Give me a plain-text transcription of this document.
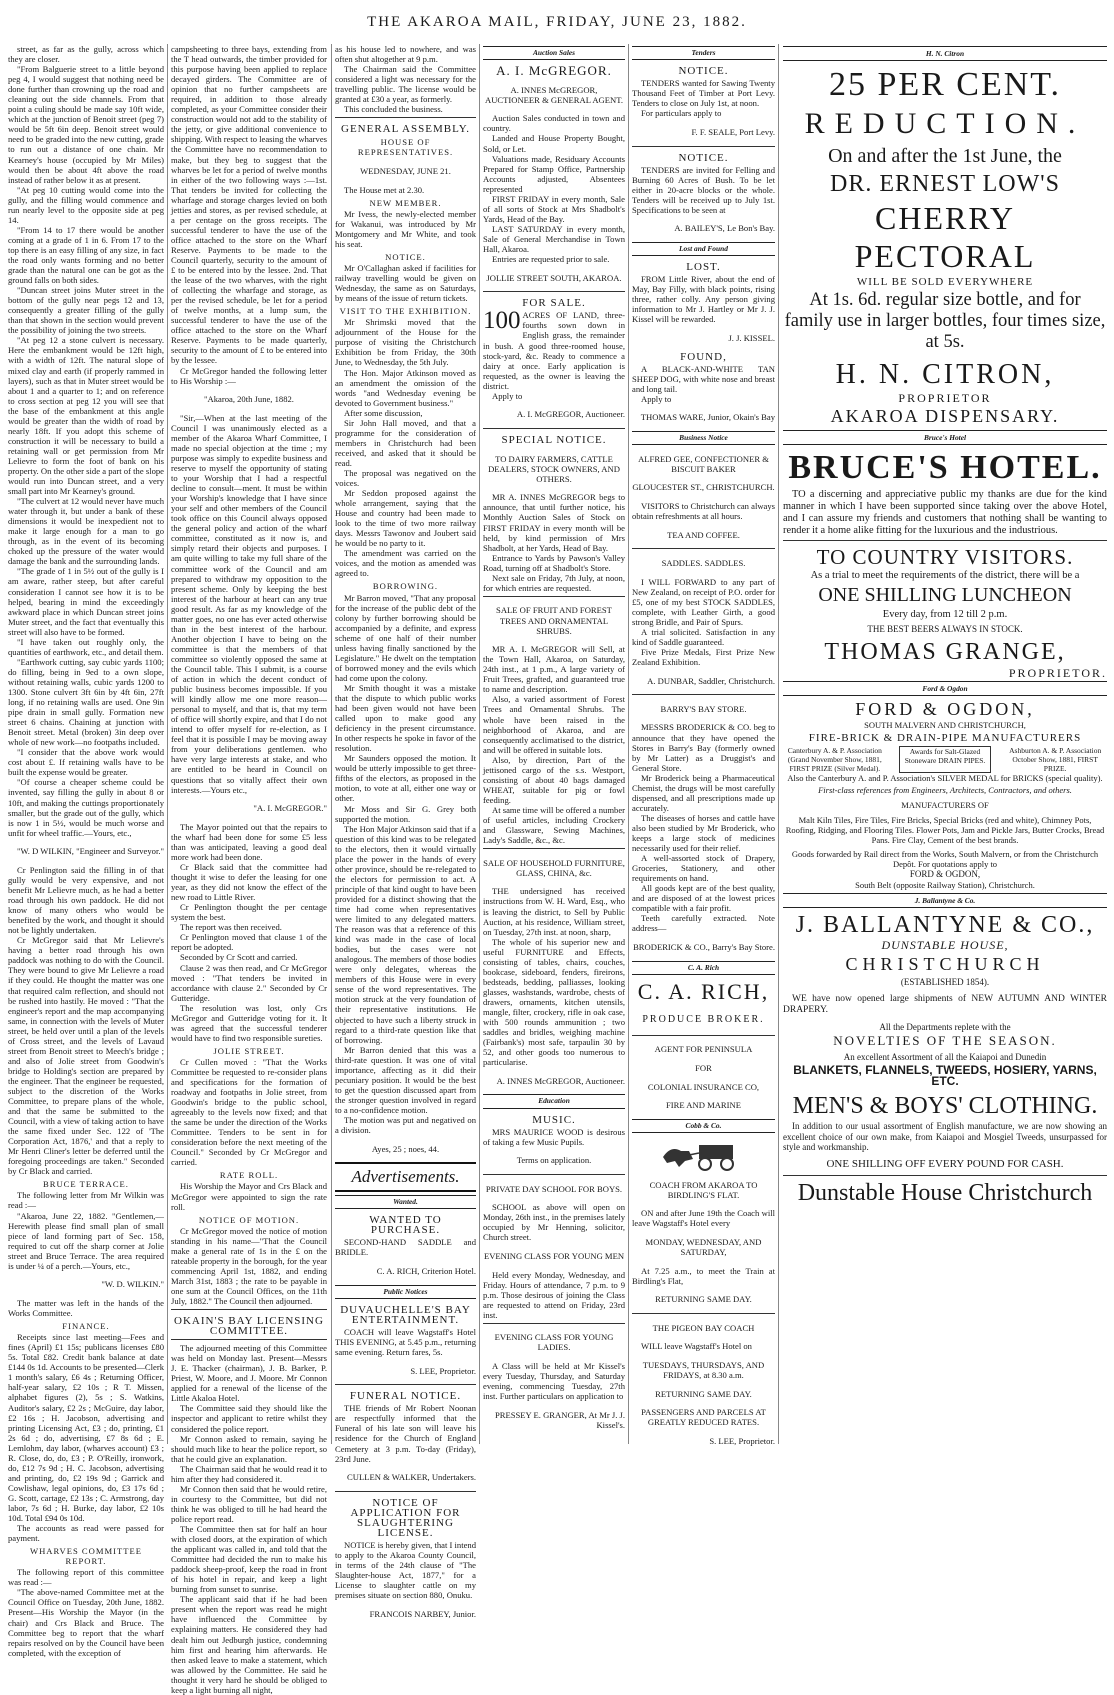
THE AKAROA MAIL, FRIDAY, JUNE 23, 1882.

street, as far as the gully, across which they are closer.

"From Balguerie street to a little beyond peg 4, I would suggest that nothing need be done further than crowning up the road and cleaning out the side channels. From that point a culing should be made say 10ft wide, which at the junction of Benoit street (peg 7) would be 5ft 6in deep. Benoit street would need to be graded into the new cutting, grade to run out a distance of one chain. Mr Kearney's house (occupied by Mr Miles) would then be about 4ft above the road instead of rather below it as at present.

"At peg 10 cutting would come into the gully, and the filling would commence and run nearly level to the opposite side at peg 14.

"From 14 to 17 there would be another coming at a grade of 1 in 6. From 17 to the top there is an easy filling of any size, in fact the road only wants forming and no better grade than the natural one can be got as the ground falls on both sides.

"Duncan street joins Muter street in the bottom of the gully near pegs 12 and 13, consequently a greater filling of the gully than that shown in the section would prevent the possibility of joining the two streets.

"At peg 12 a stone culvert is necessary. Here the embankment would be 12ft high, with a width of 12ft. The natural slope of mixed clay and earth (if properly rammed in layers), such as that in Muter street would be about 1 and a quarter to 1; and on reference to cross section at peg 12 you will see that the base of the embankment at this angle would be greater than the width of road by nearly 18ft. If you adopt this scheme of construction it will be necessary to build a retaining wall or get permission from Mr Lelievre to form the foot of bank on his property. On the other side a part of the slope would run into Duncan street, and a very small part into Mr Kearney's ground.

"The culvert at 12 would never have much water through it, but under a bank of these dimensions it would be inexpedient not to make it large enough for a man to go through, as in the event of its becoming choked up the pressure of the water would damage the bank and the surrounding lands.

"The grade of 1 in 5½ out of the gully is I am aware, rather steep, but after careful consideration I cannot see how it is to be helped, bearing in mind the exceedingly awkward place in which Duncan street joins Muter street, and the fact that eventually this street will also have to be formed.

"I have taken out roughly only, the quantities of earthwork, etc., and detail them.

"Earthwork cutting, say cubic yards 1100; do filling, being in 9ed to a own slope, without retaining walls, cubic yards 1200 to 1300. Stone culvert 3ft 6in by 4ft 6in, 27ft long, if no retaining walls are used. One 9in pipe drain in small gully. Formation new street 6 chains. Chaining at junction with Benoit street. Metal (broken) 3in deep over whole of new work—no footpaths included.

"I consider that the above work would cost about £. If retaining walls have to be built the expense would be greater.

"Of course a cheaper scheme could be invented, say filling the gully in about 8 or 10ft, and making the cuttings proportionately smaller, but the grade out of the gully, which is now 1 in 5½, would be much worse and unfit for wheel traffic.—Yours, etc.,

"W. D WILKIN, "Engineer and Surveyor."

Cr Penlington said the filling in of that gully would be very expensive, and not benefit Mr Lelievre much, as he had a better road through his own paddock. He did not know of many others who would be benefited by the work, and thought it should not be lightly undertaken.

Cr McGregor said that Mr Lelievre's having a better road through his own paddock was nothing to do with the Council. They were bound to give Mr Lelievre a road if they could. He thought the matter was one that required calm reflection, and should not be rushed into hastily. He moved : "That the engineer's report and the map accompanying same, in connection with the levels of Muter street, be held over until a plan of the levels of Cross street, and the levels of Lavaud street from Benoit street to Meech's bridge ; and also of Jolie street from Goodwin's bridge to Holding's section are prepared by the engineer. That the engineer be requested, subject to the discretion of the Works Committee, to prepare plans of the whole, and that the same be submitted to the Council, with a view of taking action to have the same fixed under Sec. 122 of 'The Corporation Act, 1876,' and that a reply to Mr Henri Cliner's letter be deferred until the foregoing proceedings are taken." Seconded by Cr Black and carried.

BRUCE TERRACE.

The following letter from Mr Wilkin was read :—

"Akaroa, June 22, 1882. "Gentlemen,—Herewith please find small plan of small piece of land forming part of Sec. 158, required to cut off the sharp corner at Jolie street and Bruce Terrace. The area required is under ¼ of a perch.—Yours, etc.,

"W. D. WILKIN."

The matter was left in the hands of the Works Committee.

FINANCE.

Receipts since last meeting—Fees and fines (April) £1 15s; publicans licenses £80 5s. Total £82. Credit bank balance at date £144 0s 1d. Accounts to be presented—Clerk 1 month's salary, £6 4s ; Returning Officer, half-year salary, £2 10s ; R T. Missen, alphabet figures (2), 5s ; S. Watkins, Auditor's salary, £2 2s ; McGuire, day labor, £2 16s ; H. Jacobson, advertising and printing Licensing Act, £3 ; do, printing, £1 2s 6d ; do, advertising, £7 8s 6d ; E. Lemlohm, day labor, (wharves account) £3 ; R. Close, do, do, £3 ; P. O'Reilly, ironwork, do, £12 7s 9d ; H. C. Jacobson, advertising and printing, do, £2 19s 9d ; Garrick and Cowlishaw, legal opinions, do, £3 17s 6d ; G. Scott, cartage, £2 13s ; C. Armstrong, day labor, 7s 6d ; H. Burke, day labor, £2 10s 10d. Total £94 0s 10d.

The accounts as read were passed for payment.

WHARVES COMMITTEE REPORT.

The following report of this committee was read :—

"The above-named Committee met at the Council Office on Tuesday, 20th June, 1882. Present—His Worship the Mayor (in the chair) and Crs Black and Bruce. The Committee beg to report that the wharf repairs resolved on by the Council have been completed, with the exception of

campsheeting to three bays, extending from the T head outwards, the timber provided for this purpose having been applied to replace decayed girders. The Committee are of opinion that no further campsheets are required, in addition to those already completed, as your Committee consider their construction would not add to the stability of the jetty, or give additional convenience to shipping. With respect to leasing the wharves the Committee have no recommendation to make, but they beg to suggest that the wharves be let for a period of twelve months in either of the two following ways :—1st. That tenders be invited for collecting the wharfage and storage charges levied on both jetties and stores, as per revised schedule, at a per centage on the gross receipts. The successful tenderer to have the use of the office attached to the store on the Wharf Reserve. Payments to be made to the Council quarterly, security to the amount of £ to be entered into by the lessee. 2nd. That the lease of the two wharves, with the right of collecting the wharfage and storage, as per the revised schedule, be let for a period of twelve months, at a lump sum, the successful tenderer to have the use of the office attached to the store on the Wharf Reserve. Payments to be made quarterly, security to the amount of £ to be entered into by the lessee.

Cr McGregor handed the following letter to His Worship :—

"Akaroa, 20th June, 1882.

"Sir,—When at the last meeting of the Council I was unanimously elected as a member of the Akaroa Wharf Committee, I made no special objection at the time ; my purpose was simply to expedite business and reserve to myself the opportunity of stating to your Worship that I had a respectful decline to consult—ment. It must be within your Worship's knowledge that I have since your self and other members of the Council took office on this Council always opposed the general policy and action of the wharf committee, constituted as it now is, and simply retard their objects and purposes. I am quite willing to take my full share of the committee work of the Council and am prepared to withdraw my opposition to the present scheme. Only by keeping the best interest of the harbour at heart can any true good result. As far as my knowledge of the matter goes, no one has ever acted otherwise than in the best interest of the harbour. Another objection I have to being on the committee is that the members of that committee so violently opposed the same at the Council table. This I submit, is a course of action in which the decent conduct of public business becomes impossible. If you will kindly allow me one more reason—personal to myself, and that is, that my term of office will shortly expire, and that I do not intend to offer myself for re-election, as I feel that it is possible I may be moving away from your deliberations gentlemen. who have very large interests at stake, and who are entitled to be heard in Council on questions that so vitally affect their own interests.—Yours etc.,

"A. I. McGREGOR."

The Mayor pointed out that the repairs to the wharf had been done for some £5 less than was anticipated, leaving a good deal more work had been done.

Cr Black said that the committee had thought it wise to defer the leasing for one year, as they did not know the effect of the new road to Little River.

Cr Penlington thought the per centage system the best.

The report was then received.

Cr Penlington moved that clause 1 of the report be adopted.

Seconded by Cr Scott and carried.

Clause 2 was then read, and Cr McGregor moved : "That tenders be invited in accordance with clause 2." Seconded by Cr Gutteridge.

The resolution was lost, only Crs McGregor and Gutteridge voting for it. It was agreed that the successful tenderer would have to find two responsible sureties.

JOLIE STREET.

Cr Cullen moved : "That the Works Committee be requested to re-consider plans and specifications for the formation of roadway and footpaths in Jolie street, from Goodwin's bridge to the public school, agreeably to the levels now fixed; and that the same be under the direction of the Works Committee. Tenders to be sent in for consideration before the next meeting of the Council." Seconded by Cr McGregor and carried.

RATE ROLL.

His Worship the Mayor and Crs Black and McGregor were appointed to sign the rate roll.

NOTICE OF MOTION.

Cr McGregor moved the notice of motion standing in his name—"That the Council make a general rate of 1s in the £ on the rateable property in the borough, for the year commencing April 1st, 1882, and ending March 31st, 1883 ; the rate to be payable in one sum at the Council Offices, on the 11th July, 1882." The Council then adjourned.

OKAIN'S BAY LICENSING COMMITTEE.

The adjourned meeting of this Committee was held on Monday last. Present—Messrs J. E. Thacker (chairman), J. B. Barker, P. Priest, W. Moore, and J. Moore. Mr Connon applied for a renewal of the license of the Little Akaloa Hotel.

The Committee said they should like the inspector and applicant to retire whilst they considered the police report.

Mr Connon asked to remain, saying he should much like to hear the police report, so that he could give an explanation.

The Chairman said that he would read it to him after they had considered it.

Mr Connon then said that he would retire, in courtesy to the Committee, but did not think he was obliged to till he had heard the police report read.

The Committee then sat for half an hour with closed doors, at the expiration of which the applicant was called in, and told that the Committee had decided the run to make his paddock sheep-proof, keep the road in front of his hotel in repair, and keep a light burning from sunset to sunrise.

The applicant said that if he had been present when the report was read he might have influenced the Committee by explaining matters. He considered they had dealt him out Jedburgh justice, condemning him first and hearing him afterwards. He then asked leave to make a statement, which was allowed by the Committee. He said he thought it very hard he should be obliged to keep a light burning all night,

as his house led to nowhere, and was often shut altogether at 9 p.m.

The Chairman said the Committee considered a light was necessary for the travelling public. The license would be granted at £30 a year, as formerly.

This concluded the business.

GENERAL ASSEMBLY.

HOUSE OF REPRESENTATIVES.

WEDNESDAY, JUNE 21.

The House met at 2.30.

NEW MEMBER.

Mr Ivess, the newly-elected member for Wakanui, was introduced by Mr Montgomery and Mr White, and took his seat.

NOTICE.

Mr O'Callaghan asked if facilities for railway travelling would be given on Wednesday, the same as on Saturdays, by means of the issue of return tickets.

VISIT TO THE EXHIBITION.

Mr Shrimski moved that the adjournment of the House for the purpose of visiting the Christchurch Exhibition be from Friday, the 30th June, to Wednesday, the 5th July.

The Hon. Major Atkinson moved as an amendment the omission of the words "and Wednesday evening be devoted to Government business."

After some discussion,

Sir John Hall moved, and that a programme for the consideration of members in Christchurch had been received, and asked that it should be read.

The proposal was negatived on the voices.

Mr Seddon proposed against the whole arrangement, saying that the House and country had been made to look to the time of two more railway days. Messrs Tawonov and Joubert said he would be no party to it.

The amendment was carried on the voices, and the motion as amended was agreed to.

BORROWING.

Mr Barron moved, "That any proposal for the increase of the public debt of the colony by further borrowing should be accompanied by a definite, and express scheme of one half of their number unless having finally sanctioned by the Legislature." He dwelt on the temptation of borrowed money and the evils which had come upon the colony.

Mr Smith thought it was a mistake that the dispute to which public works had been given would not have been called upon to make good any deficiency in the present circumstance. In other respects he spoke in favor of the resolution.

Mr Saunders opposed the motion. It would be utterly impossible to get three-fifths of the electors, as proposed in the motion, to vote at all, either one way or other.

Mr Moss and Sir G. Grey both supported the motion.

The Hon Major Atkinson said that if a question of this kind was to be relegated to the electors, then it would virtually place the power in the hands of every other province, should be re-relegated to the electors for permission to act. A principle of that kind ought to have been provided for a distinct showing that the time had come when representatives were limited to any delegated matters. The reason was that a reference of this kind was made in the case of local bodies, but the cases were not analogous. The members of those bodies were only delegates, whereas the members of this House were in every sense of the word representatives. The motion struck at the very foundation of their representative institutions. He objected to have such a liberty struck in regard to a third-rate question like that of borrowing.

Mr Barron denied that this was a third-rate question. It was one of vital importance, affecting as it did their pecuniary position. It would be the best to get the question discussed apart from the stronger question involved in regard to a no-confidence motion.

The motion was put and negatived on a division.

Ayes, 25 ; noes, 44.

Advertisements.
Wanted.

WANTED TO PURCHASE.

SECOND-HAND SADDLE and BRIDLE.

C. A. RICH, Criterion Hotel.

Public Notices

DUVAUCHELLE'S BAY ENTERTAINMENT.

COACH will leave Wagstaff's Hotel THIS EVENING, at 5.45 p.m., returning same evening. Return fares, 5s.

S. LEE, Proprietor.

FUNERAL NOTICE.

THE friends of Mr Robert Noonan are respectfully informed that the Funeral of his late son will leave his residence for the Church of England Cemetery at 3 p.m. To-day (Friday), 23rd June.

CULLEN & WALKER, Undertakers.

NOTICE OF APPLICATION FOR SLAUGHTERING LICENSE.

NOTICE is hereby given, that I intend to apply to the Akaroa County Council, in terms of the 24th clause of "The Slaughter-house Act, 1877," for a License to slaughter cattle on my premises situate on section 880, Onuku.

FRANCOIS NARBEY, Junior.

Auction Sales

A. I. McGREGOR.

A. INNES McGREGOR, AUCTIONEER & GENERAL AGENT.

Auction Sales conducted in town and country.

Landed and House Property Bought, Sold, or Let.

Valuations made, Residuary Accounts Prepared for Stamp Office, Partnership Accounts adjusted, Absentees represented

FIRST FRIDAY in every month, Sale of all sorts of Stock at Mrs Shadbolt's Yards, Head of the Bay.

LAST SATURDAY in every month, Sale of General Merchandise in Town Hall, Akaroa.

Entries are requested prior to sale.

JOLLIE STREET SOUTH, AKAROA.

FOR SALE.

100 ACRES OF LAND, three-fourths sown down in English grass, the remainder in bush. A good three-roomed house, stock-yard, &c. Ready to commence a dairy at once. Early application is requested, as the owner is leaving the district.

Apply to

A. I. McGREGOR, Auctioneer.

SPECIAL NOTICE.

TO DAIRY FARMERS, CATTLE DEALERS, STOCK OWNERS, AND OTHERS.

MR A. INNES McGREGOR begs to announce, that until further notice, his Monthly Auction Sales of Stock on FIRST FRIDAY in every month will be held, by kind permission of Mrs Shadbolt, at her Yards, Head of Bay.

Entrance to Yards by Pawson's Valley Road, turning off at Shadbolt's Store.

Next sale on Friday, 7th July, at noon, for which entries are requested.

SALE OF FRUIT AND FOREST TREES AND ORNAMENTAL SHRUBS.

MR A. I. McGREGOR will Sell, at the Town Hall, Akaroa, on Saturday, 24th inst., at 1 p.m., A large variety of Fruit Trees, grafted, and guaranteed true to name and description.

Also, a varied assortment of Forest Trees and Ornamental Shrubs. The whole have been raised in the neighborhood of Akaroa, and are consequently acclimatised to the district, and will be offered in suitable lots.

Also, by direction, Part of the jettisoned cargo of the s.s. Westport, consisting of about 40 bags damaged WHEAT, suitable for pig or fowl feeding.

At same time will be offered a number of useful articles, including Crockery and Glassware, Sewing Machines, Lady's Saddle, &c., &c.

SALE OF HOUSEHOLD FURNITURE, GLASS, CHINA, &c.

THE undersigned has received instructions from W. H. Ward, Esq., who is leaving the district, to Sell by Public Auction, at his residence, William street, on Tuesday, 27th inst. at noon, sharp,

The whole of his superior new and useful FURNITURE and Effects, consisting of tables, chairs, couches, bookcase, sideboard, fenders, fireirons, bedsteads, bedding, palliasses, looking glasses, washstands, wardrobe, chests of drawers, ornaments, kitchen utensils, mangle, filter, crockery, rifle in oak case, with 500 rounds ammunition ; two saddles and bridles, weighing machine (Fairbank's) most safe, tarpaulin 30 by 52, and other goods too numerous to particularise.

A. INNES McGREGOR, Auctioneer.

Education

MUSIC.

MRS MAURICE WOOD is desirous of taking a few Music Pupils.

Terms on application.

PRIVATE DAY SCHOOL FOR BOYS.

SCHOOL as above will open on Monday, 26th inst., in the premises lately occupied by Mr Henning, solicitor, Church street.

EVENING CLASS FOR YOUNG MEN

Held every Monday, Wednesday, and Friday. Hours of attendance, 7 p.m. to 9 p.m. Those desirous of joining the Class are requested to attend on Friday, 23rd inst.

EVENING CLASS FOR YOUNG LADIES.

A Class will be held at Mr Kissel's every Tuesday, Thursday, and Saturday evening, commencing Tuesday, 27th inst. Further particulars on application to

PRESSEY E. GRANGER, At Mr J. J. Kissel's.

Tenders

NOTICE.

TENDERS wanted for Sawing Twenty Thousand Feet of Timber at Port Levy. Tenders to close on July 1st, at noon.

For particulars apply to

F. F. SEALE, Port Levy.

NOTICE.

TENDERS are invited for Felling and Burning 60 Acres of Bush. To be let either in 20-acre blocks or the whole. Tenders will be received up to July 1st. Specifications to be seen at

A. BAILEY'S, Le Bon's Bay.

Lost and Found

LOST.

FROM Little River, about the end of May, Bay Filly, with black points, rising three, rather colly. Any person giving information to Mr J. Hartley or Mr J. J. Kissel will be rewarded.

J. J. KISSEL.

FOUND,

A BLACK-AND-WHITE TAN SHEEP DOG, with white nose and breast and long tail.

Apply to

THOMAS WARE, Junior, Okain's Bay

Business Notice

ALFRED GEE, CONFECTIONER & BISCUIT BAKER

GLOUCESTER ST., CHRISTCHURCH.

VISITORS to Christchurch can always obtain refreshments at all hours.

TEA AND COFFEE.

SADDLES. SADDLES.

I WILL FORWARD to any part of New Zealand, on receipt of P.O. order for £5, one of my best STOCK SADDLES, complete, with Leather Girth, a good strong Bridle, and Pair of Spurs.

A trial solicited. Satisfaction in any kind of Saddle guaranteed.

Five Prize Medals, First Prize New Zealand Exhibition.

A. DUNBAR, Saddler, Christchurch.

BARRY'S BAY STORE.

MESSRS BRODERICK & CO. beg to announce that they have opened the Stores in Barry's Bay (formerly owned by Mr Latter) as a Druggist's and General Store.

Mr Broderick being a Pharmaceutical Chemist, the drugs will be most carefully dispensed, and all prescriptions made up accurately.

The diseases of horses and cattle have also been studied by Mr Broderick, who keeps a large stock of medicines necessarily used for their relief.

A well-assorted stock of Drapery, Groceries, Stationery, and other requirements on hand.

All goods kept are of the best quality, and are disposed of at the lowest prices compatible with a fair profit.

Teeth carefully extracted. Note address—

BRODERICK & CO., Barry's Bay Store.

C. A. Rich

C. A. RICH,

PRODUCE BROKER.

AGENT FOR PENINSULA

FOR

COLONIAL INSURANCE CO,

FIRE AND MARINE

Cobb & Co.

COACH FROM AKAROA TO BIRDLING'S FLAT.

ON and after June 19th the Coach will leave Wagstaff's Hotel every

MONDAY, WEDNESDAY, AND SATURDAY,

At 7.25 a.m., to meet the Train at Birdling's Flat,

RETURNING SAME DAY.

THE PIGEON BAY COACH

WILL leave Wagstaff's Hotel on

TUESDAYS, THURSDAYS, AND FRIDAYS, at 8.30 a.m.

RETURNING SAME DAY.

PASSENGERS AND PARCELS AT GREATLY REDUCED RATES.

S. LEE, Proprietor.

H. N. Citron
25 PER CENT.
REDUCTION.
On and after the 1st June, the
DR. ERNEST LOW'S
CHERRY PECTORAL
WILL BE SOLD EVERYWHERE
At 1s. 6d. regular size bottle, and for family use in larger bottles, four times size, at 5s.
H. N. CITRON,
PROPRIETOR
AKAROA DISPENSARY.
Bruce's Hotel
BRUCE'S HOTEL.

TO a discerning and appreciative public my thanks are due for the kind manner in which I have been supported since taking over the above Hotel, and I can assure my friends and customers that nothing shall be wanting to render it a home alike fitting for the luxurious and the industrious.

TO COUNTRY VISITORS.
As a trial to meet the requirements of the district, there will be a
ONE SHILLING LUNCHEON
Every day, from 12 till 2 p.m.
THE BEST BEERS ALWAYS IN STOCK.
THOMAS GRANGE,
PROPRIETOR.
Ford & Ogdon
FORD & OGDON,
SOUTH MALVERN AND CHRISTCHURCH,
FIRE-BRICK & DRAIN-PIPE MANUFACTURERS
Canterbury A. & P. Association (Grand November Show, 1881, FIRST PRIZE (Silver Medal).
Awards for Salt-Glazed Stoneware DRAIN PIPES.
Ashburton A. & P. Association October Show, 1881, FIRST PRIZE.
Also the Canterbury A. and P. Association's SILVER MEDAL for BRICKS (special quality).
First-class references from Engineers, Architects, Contractors, and others.
MANUFACTURERS OF
Malt Kiln Tiles, Fire Tiles, Fire Bricks, Special Bricks (red and white), Chimney Pots, Roofing, Ridging, and Flooring Tiles. Flower Pots, Jam and Pickle Jars, Butter Crocks, Bread Pans. Fire Clay, Cement of the best brands.
Goods forwarded by Rail direct from the Works, South Malvern, or from the Christchurch Depôt. For quotations apply to
FORD & OGDON,
South Belt (opposite Railway Station), Christchurch.
J. Ballantyne & Co.
J. BALLANTYNE & CO.,
DUNSTABLE HOUSE,
CHRISTCHURCH
(ESTABLISHED 1854).

WE have now opened large shipments of NEW AUTUMN AND WINTER DRAPERY.

All the Departments replete with the
NOVELTIES OF THE SEASON.
An excellent Assortment of all the Kaiapoi and Dunedin
BLANKETS, FLANNELS, TWEEDS, HOSIERY, YARNS, ETC.
MEN'S & BOYS' CLOTHING.

In addition to our usual assortment of English manufacture, we are now showing an excellent choice of our own make, from Kaiapoi and Mosgiel Tweeds, unsurpassed for style and workmanship.

ONE SHILLING OFF EVERY POUND FOR CASH.
Dunstable House Christchurch
